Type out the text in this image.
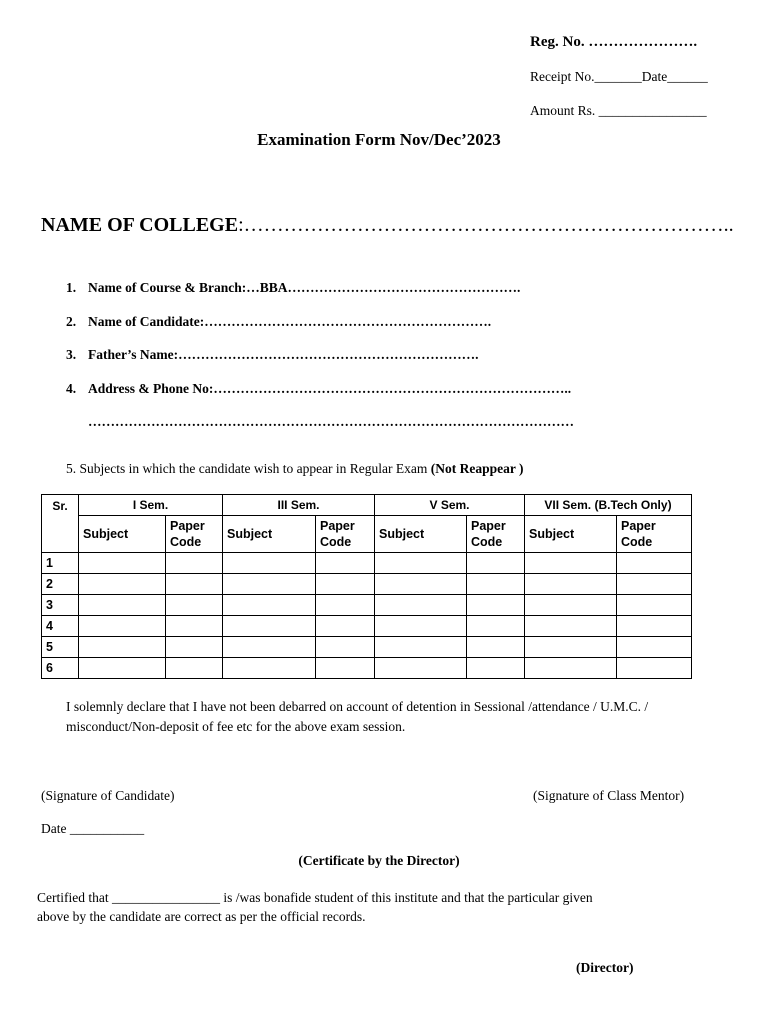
Reg. No. ………………….
Receipt No._______Date______
Amount Rs. ________________
Examination Form Nov/Dec’2023
NAME OF COLLEGE:………………………………………………………………..
1. Name of Course & Branch:…BBA…………………………………………….
2. Name of Candidate:……………………………………………………….
3. Father’s Name:………………………………………………………….
4. Address & Phone No:……………………………………………………………………..
………………………………………………………………………………………………
5. Subjects in which the candidate wish to appear in Regular Exam (Not Reappear )
Sr.	I Sem.		III Sem.		V Sem.		VII Sem. (B.Tech Only)	
	Subject	Paper Code	Subject	Paper Code	Subject	Paper Code	Subject	Paper Code
1								
2								
3								
4								
5								
6								
I solemnly declare that I have not been debarred on account of detention in Sessional /attendance / U.M.C. /
misconduct/Non-deposit of fee etc for the above exam session.
(Signature of Candidate)	(Signature of Class Mentor)
Date ___________
(Certificate by the Director)
Certified that ________________ is /was bonafide student of this institute and that the particular given
above by the candidate are correct as per the official records.
(Director)
